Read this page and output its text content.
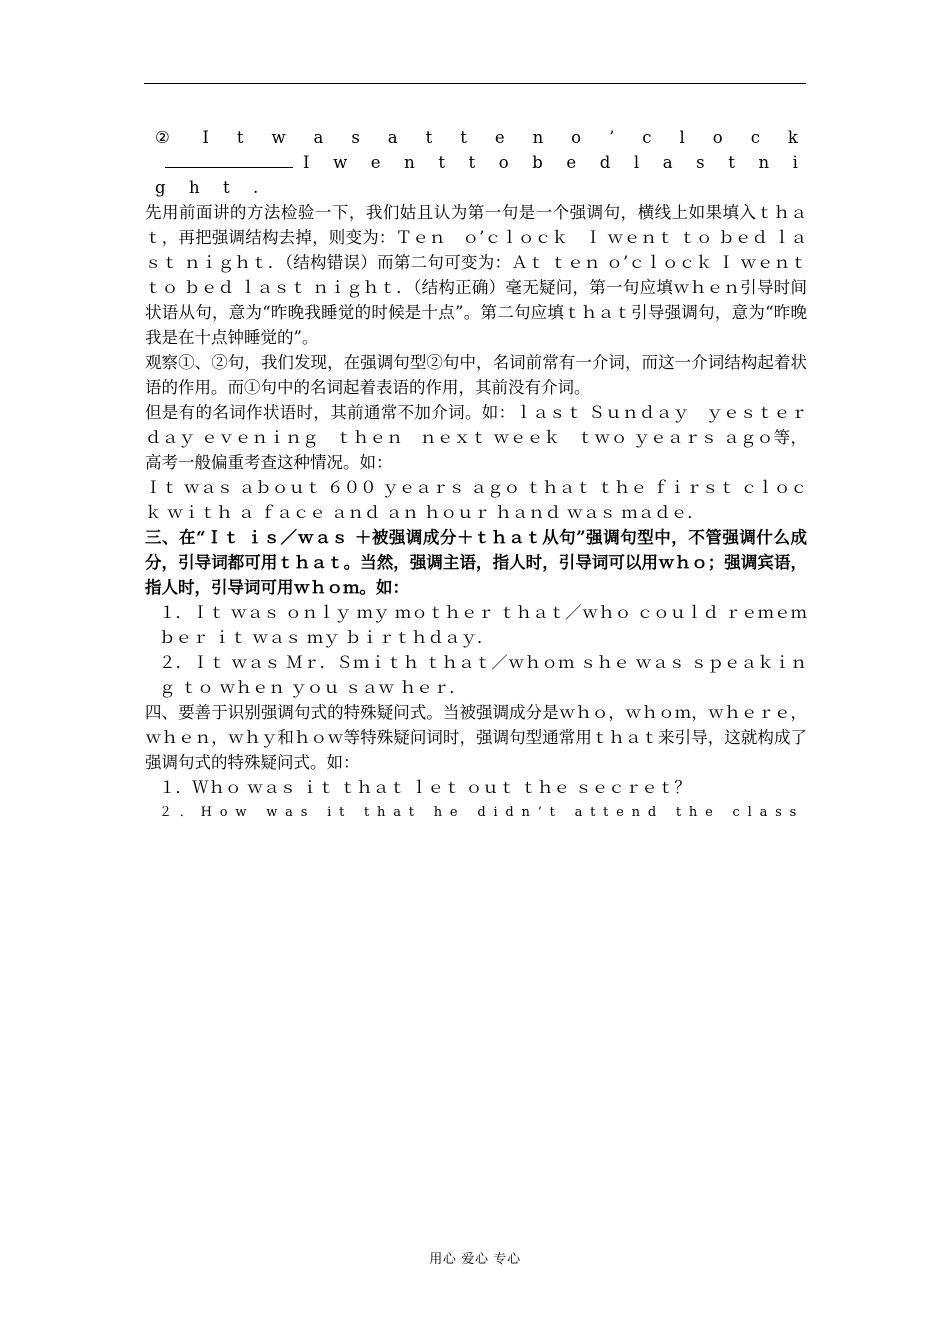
② I t w a s a t t e n o ’ c l o c kI w e n t t o b e d l a s t n i g h t .

先用前面讲的方法检验一下，我们姑且认为第一句是一个强调句，横线上如果填入ｔｈａｔ，再把强调结构去掉，则变为：Ｔｅｎ　ｏ’ｃｌｏｃｋ　Ｉ ｗｅｎｔ ｔｏ ｂｅｄ ｌａｓｔ ｎｉｇｈｔ．（结构错误）而第二句可变为：Ａｔ ｔｅｎ ｏ’ｃｌｏｃｋ Ｉ ｗｅｎｔ ｔｏ ｂｅｄ ｌａｓｔ ｎｉｇｈｔ．（结构正确）毫无疑问，第一句应填ｗｈｅｎ引导时间状语从句，意为“昨晚我睡觉的时候是十点”。第二句应填ｔｈａｔ引导强调句，意为“昨晚我是在十点钟睡觉的”。

观察①、②句，我们发现，在强调句型②句中，名词前常有一介词，而这一介词结构起着状语的作用。而①句中的名词起着表语的作用，其前没有介词。

但是有的名词作状语时，其前通常不加介词。如：ｌａｓｔ Ｓｕｎｄａｙ　ｙｅｓｔｅｒｄａｙ ｅｖｅｎｉｎｇ　ｔｈｅｎ　ｎｅｘｔ ｗｅｅｋ　ｔｗｏ ｙｅａｒｓ ａｇｏ等，高考一般偏重考查这种情况。如：

Ｉｔ ｗａｓ ａｂｏｕｔ ６００ ｙｅａｒｓ ａｇｏ ｔｈａｔ ｔｈｅ ｆｉｒｓｔ ｃｌｏｃｋ ｗｉｔｈ ａ ｆａｃｅ ａｎｄ ａｎ ｈｏｕｒ ｈａｎｄ ｗａｓ ｍａｄｅ．

三、在“Ｉｔ ｉｓ／ｗａｓ ＋被强调成分＋ｔｈａｔ从句”强调句型中，不管强调什么成分，引导词都可用ｔｈａｔ。当然，强调主语，指人时，引导词可以用ｗｈｏ；强调宾语，指人时，引导词可用ｗｈｏｍ。如：

１．Ｉｔ ｗａｓ ｏｎｌｙ ｍｙ ｍｏｔｈｅｒ ｔｈａｔ／ｗｈｏ ｃｏｕｌｄ ｒｅｍｅｍｂｅｒ ｉｔ ｗａｓ ｍｙ ｂｉｒｔｈｄａｙ．

２．Ｉｔ ｗａｓ Ｍｒ．Ｓｍｉｔｈ ｔｈａｔ／ｗｈｏｍ ｓｈｅ ｗａｓ ｓｐｅａｋｉｎｇ ｔｏ ｗｈｅｎ ｙｏｕ ｓａｗ ｈｅｒ．

四、要善于识别强调句式的特殊疑问式。当被强调成分是ｗｈｏ，ｗｈｏｍ，ｗｈｅｒｅ，ｗｈｅｎ，ｗｈｙ和ｈｏｗ等特殊疑问词时，强调句型通常用ｔｈａｔ来引导，这就构成了强调句式的特殊疑问式。如：

１．Ｗｈｏ ｗａｓ ｉｔ ｔｈａｔ ｌｅｔ ｏｕｔ ｔｈｅ ｓｅｃｒｅｔ？

２．How was it that he didn’t attend the class

用心 爱心 专心
